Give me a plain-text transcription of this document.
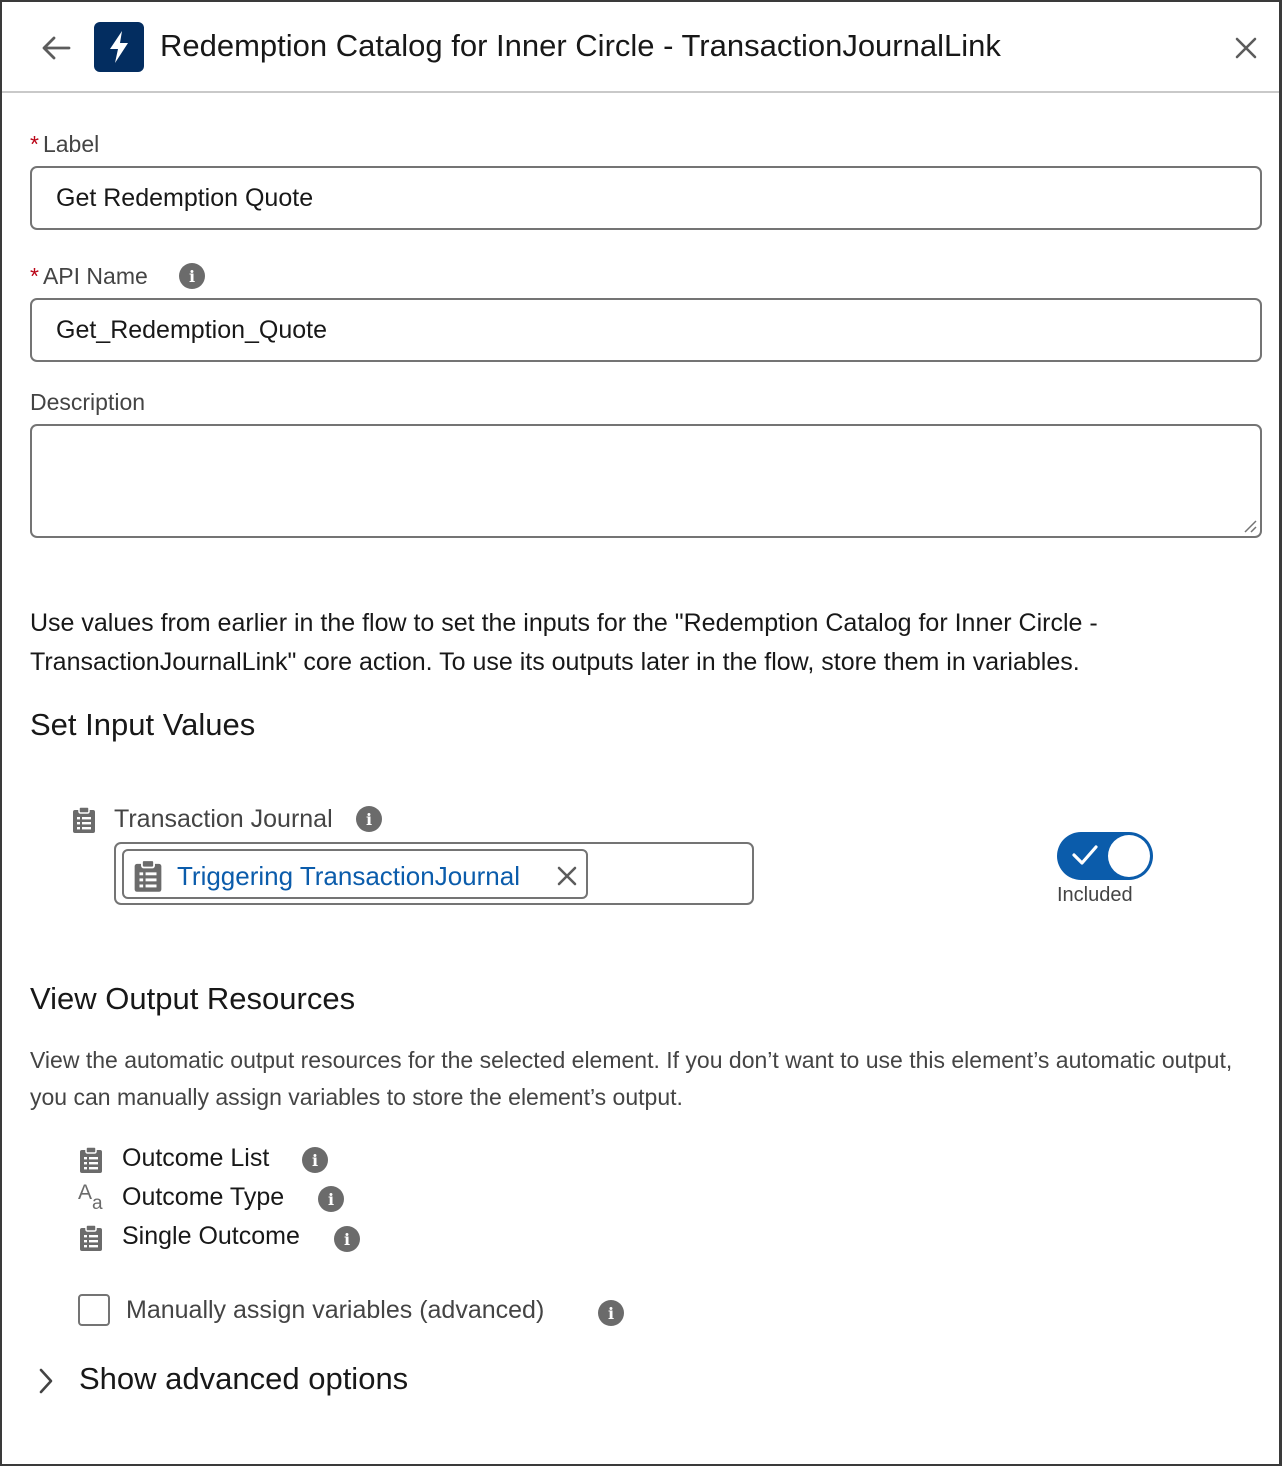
Redemption Catalog for Inner Circle - TransactionJournalLink
* Label
Get Redemption Quote
* API Name	i
Get_Redemption_Quote
Description
Use values from earlier in the flow to set the inputs for the "Redemption Catalog for Inner Circle - TransactionJournalLink" core action. To use its outputs later in the flow, store them in variables.
Set Input Values
Transaction Journal	i
Triggering TransactionJournal
Included
View Output Resources
View the automatic output resources for the selected element. If you don’t want to use this element’s automatic output, you can manually assign variables to store the element’s output.
Outcome List	i
A a Outcome Type	i
Single Outcome	i
Manually assign variables (advanced)	i
Show advanced options
